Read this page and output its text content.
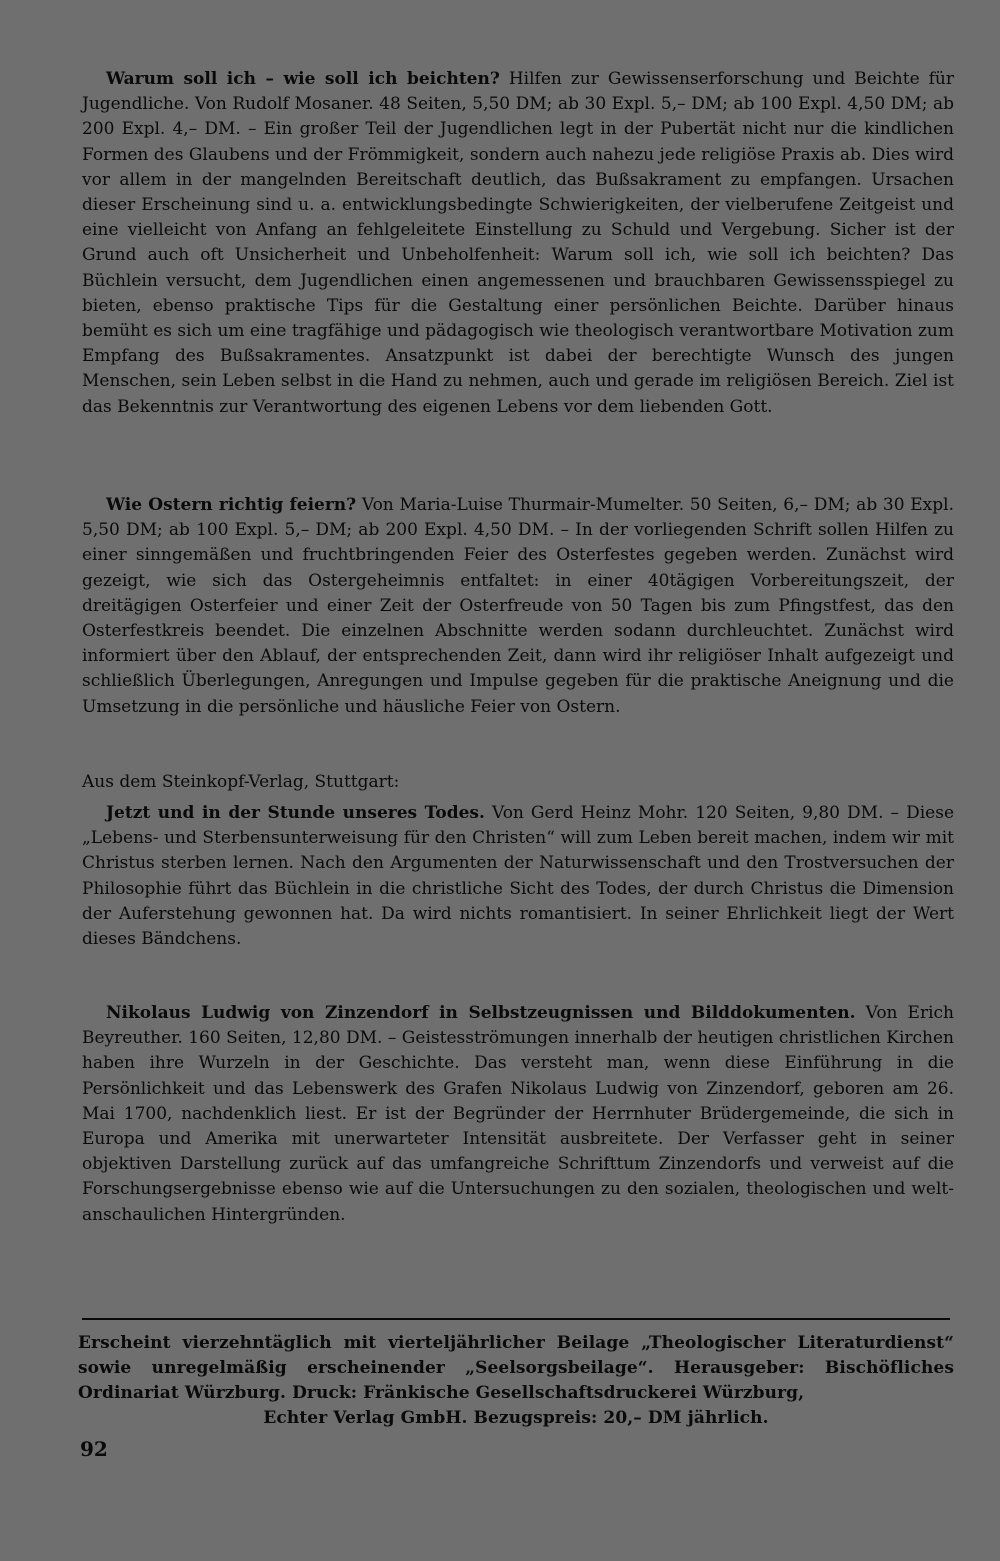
Warum soll ich – wie soll ich beichten? Hilfen zur Gewissenserforschung und Beichte für Jugendliche. Von Rudolf Mosaner. 48 Seiten, 5,50 DM; ab 30 Expl. 5,– DM; ab 100 Expl. 4,50 DM; ab 200 Expl. 4,– DM. – Ein großer Teil der Jugendlichen legt in der Pubertät nicht nur die kindlichen Formen des Glaubens und der Frömmigkeit, sondern auch nahezu jede religiöse Praxis ab. Dies wird vor allem in der mangelnden Bereitschaft deutlich, das Bußsakrament zu empfangen. Ursachen dieser Erscheinung sind u. a. entwicklungsbedingte Schwierigkeiten, der vielberufene Zeitgeist und eine vielleicht von Anfang an fehlgeleitete Einstellung zu Schuld und Vergebung. Sicher ist der Grund auch oft Unsicherheit und Unbeholfenheit: Warum soll ich, wie soll ich beichten? Das Büchlein versucht, dem Jugendlichen einen angemessenen und brauchbaren Gewissensspiegel zu bieten, ebenso praktische Tips für die Gestaltung einer persönlichen Beichte. Darüber hinaus bemüht es sich um eine tragfähige und pädagogisch wie theologisch verantwortbare Motivation zum Empfang des Bußsakramentes. Ansatzpunkt ist dabei der berechtigte Wunsch des jungen Menschen, sein Leben selbst in die Hand zu nehmen, auch und gerade im religiösen Bereich. Ziel ist das Bekenntnis zur Verantwortung des eigenen Lebens vor dem liebenden Gott.

Wie Ostern richtig feiern? Von Maria-Luise Thurmair-Mumelter. 50 Seiten, 6,– DM; ab 30 Expl. 5,50 DM; ab 100 Expl. 5,– DM; ab 200 Expl. 4,50 DM. – In der vorliegenden Schrift sollen Hilfen zu einer sinngemäßen und fruchtbringenden Feier des Osterfestes gegeben werden. Zunächst wird gezeigt, wie sich das Ostergeheimnis entfaltet: in einer 40tägigen Vorbereitungszeit, der dreitägigen Osterfeier und einer Zeit der Osterfreude von 50 Tagen bis zum Pfingstfest, das den Osterfestkreis beendet. Die einzelnen Abschnitte werden sodann durchleuchtet. Zunächst wird informiert über den Ablauf, der entsprechenden Zeit, dann wird ihr religiöser Inhalt aufgezeigt und schließlich Überlegungen, Anregungen und Impulse gegeben für die praktische Aneignung und die Umsetzung in die persönliche und häusliche Feier von Ostern.

Aus dem Steinkopf-Verlag, Stuttgart:

Jetzt und in der Stunde unseres Todes. Von Gerd Heinz Mohr. 120 Seiten, 9,80 DM. – Diese „Lebens- und Sterbensunterweisung für den Christen“ will zum Leben bereit machen, indem wir mit Christus sterben lernen. Nach den Argumenten der Naturwissenschaft und den Trostversuchen der Philosophie führt das Büchlein in die christliche Sicht des Todes, der durch Christus die Dimension der Auferstehung gewonnen hat. Da wird nichts romantisiert. In seiner Ehrlichkeit liegt der Wert dieses Bändchens.

Nikolaus Ludwig von Zinzendorf in Selbstzeugnissen und Bilddokumenten. Von Erich Beyreuther. 160 Seiten, 12,80 DM. – Geistesströmungen innerhalb der heutigen christlichen Kirchen haben ihre Wurzeln in der Geschichte. Das versteht man, wenn diese Einführung in die Persönlichkeit und das Lebenswerk des Grafen Nikolaus Ludwig von Zinzendorf, geboren am 26. Mai 1700, nachdenklich liest. Er ist der Begründer der Herrnhuter Brüdergemeinde, die sich in Europa und Amerika mit unerwarteter Intensität ausbreitete. Der Verfasser geht in seiner objektiven Darstellung zurück auf das umfangreiche Schrifttum Zinzendorfs und verweist auf die Forschungsergebnisse ebenso wie auf die Untersuchungen zu den sozialen, theologischen und weltanschaulichen Hintergründen.

Erscheint vierzehntäglich mit vierteljährlicher Beilage „Theologischer Literaturdienst“ sowie unregelmäßig erscheinender „Seelsorgsbeilage“. Herausgeber: Bischöfliches Ordinariat Würzburg. Druck: Fränkische Gesellschaftsdruckerei Würzburg,
Echter Verlag GmbH. Bezugspreis: 20,– DM jährlich.
92
